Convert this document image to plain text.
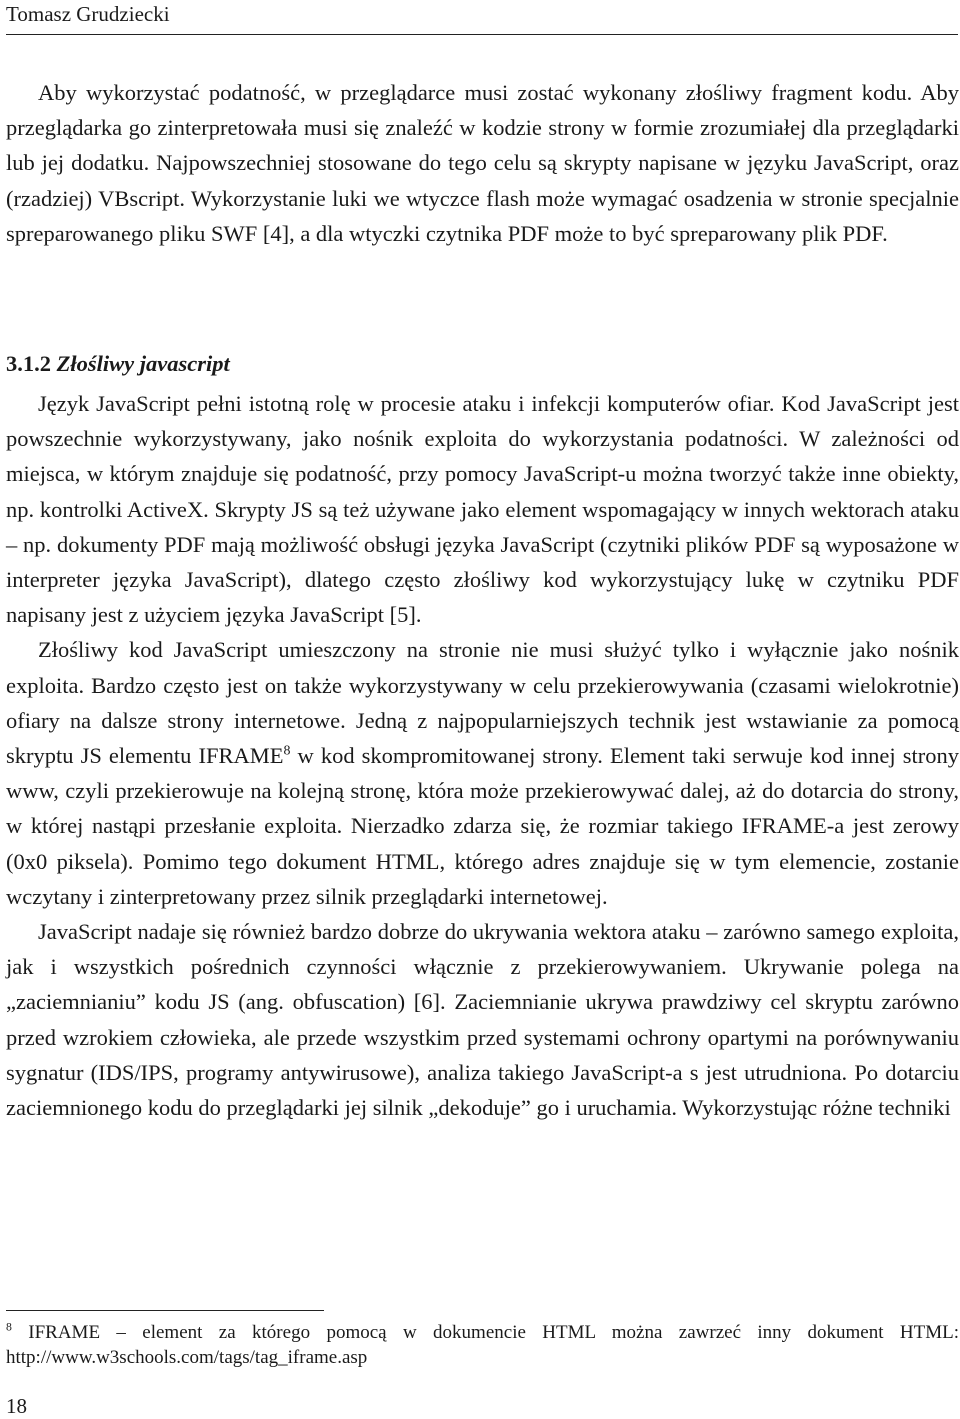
Tomasz Grudziecki

Aby wykorzystać podatność, w przeglądarce musi zostać wykonany złośliwy fragment kodu. Aby przeglądarka go zinterpretowała musi się znaleźć w kodzie strony w formie zrozumiałej dla przeglądarki lub jej dodatku. Najpowszechniej stosowane do tego celu są skrypty napisane w języku JavaScript, oraz (rzadziej) VBscript. Wykorzystanie luki we wtyczce flash może wymagać osadzenia w stronie specjalnie spreparowanego pliku SWF [4], a dla wtyczki czytnika PDF może to być spreparowany plik PDF.

3.1.2 Złośliwy javascript

Język JavaScript pełni istotną rolę w procesie ataku i infekcji komputerów ofiar. Kod JavaScript jest powszechnie wykorzystywany, jako nośnik exploita do wykorzystania podatności. W zależności od miejsca, w którym znajduje się podatność, przy pomocy JavaScript-u można tworzyć także inne obiekty, np. kontrolki ActiveX. Skrypty JS są też używane jako element wspomagający w innych wektorach ataku – np. dokumenty PDF mają możliwość obsługi języka JavaScript (czytniki plików PDF są wyposażone w interpreter języka JavaScript), dlatego często złośliwy kod wykorzystujący lukę w czytniku PDF napisany jest z użyciem języka JavaScript [5].

Złośliwy kod JavaScript umieszczony na stronie nie musi służyć tylko i wyłącznie jako nośnik exploita. Bardzo często jest on także wykorzystywany w celu przekierowywania (czasami wielokrotnie) ofiary na dalsze strony internetowe. Jedną z najpopularniejszych technik jest wstawianie za pomocą skryptu JS elementu IFRAME$^8$ w kod skompromitowanej strony. Element taki serwuje kod innej strony www, czyli przekierowuje na kolejną stronę, która może przekierowywać dalej, aż do dotarcia do strony, w której nastąpi przesłanie exploita. Nierzadko zdarza się, że rozmiar takiego IFRAME-a jest zerowy (0x0 piksela). Pomimo tego dokument HTML, którego adres znajduje się w tym elemencie, zostanie wczytany i zinterpretowany przez silnik przeglądarki internetowej.

JavaScript nadaje się również bardzo dobrze do ukrywania wektora ataku – zarówno samego exploita, jak i wszystkich pośrednich czynności włącznie z przekierowywaniem. Ukrywanie polega na „zaciemnianiu” kodu JS (ang. obfuscation) [6]. Zaciemnianie ukrywa prawdziwy cel skryptu zarówno przed wzrokiem człowieka, ale przede wszystkim przed systemami ochrony opartymi na porównywaniu sygnatur (IDS/IPS, programy antywirusowe), analiza takiego JavaScript-a s jest utrudniona. Po dotarciu zaciemnionego kodu do przeglądarki jej silnik „dekoduje” go i uruchamia. Wykorzystując różne techniki

$^8$ IFRAME – element za którego pomocą w dokumencie HTML można zawrzeć inny dokument HTML: http://www.w3schools.com/tags/tag_iframe.asp
18
